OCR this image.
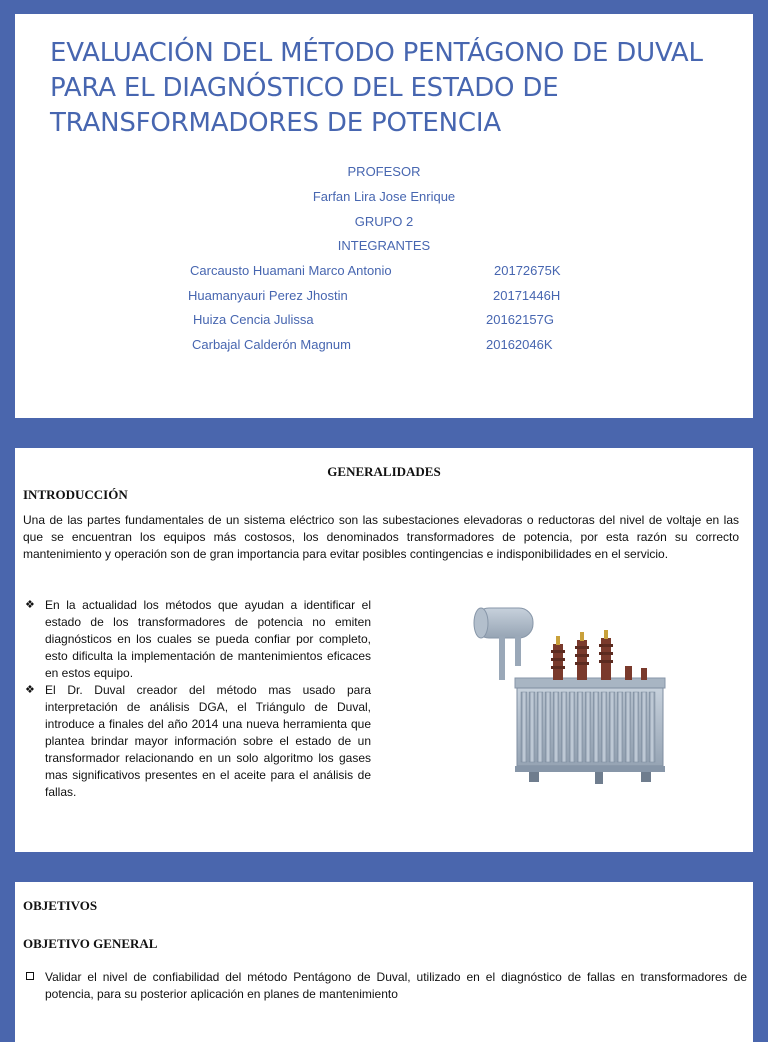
EVALUACIÓN DEL MÉTODO PENTÁGONO DE DUVAL PARA EL DIAGNÓSTICO DEL ESTADO DE TRANSFORMADORES DE POTENCIA
PROFESOR
Farfan Lira Jose Enrique
GRUPO 2
INTEGRANTES
Carcausto Huamani Marco Antonio	20172675K
Huamanyauri Perez Jhostin	20171446H
Huiza Cencia Julissa	20162157G
Carbajal Calderón Magnum	20162046K
GENERALIDADES
INTRODUCCIÓN
Una de las partes fundamentales de un sistema eléctrico son las subestaciones elevadoras o reductoras del nivel de voltaje en las que se encuentran los equipos más costosos, los denominados transformadores de potencia, por esta razón su correcto mantenimiento y operación son de gran importancia para evitar posibles contingencias e indisponibilidades en el servicio.
❖ En la actualidad los métodos que ayudan a identificar el estado de los transformadores de potencia no emiten diagnósticos en los cuales se pueda confiar por completo, esto dificulta la implementación de mantenimientos eficaces en estos equipo.
❖ El Dr. Duval creador del método mas usado para interpretación de análisis DGA, el Triángulo de Duval, introduce a finales del año 2014 una nueva herramienta que plantea brindar mayor información sobre el estado de un transformador relacionando en un solo algoritmo los gases mas significativos presentes en el aceite para el análisis de fallas.
OBJETIVOS
OBJETIVO GENERAL
Validar el nivel de confiabilidad del método Pentágono de Duval, utilizado en el diagnóstico de fallas en transformadores de potencia, para su posterior aplicación en planes de mantenimiento
